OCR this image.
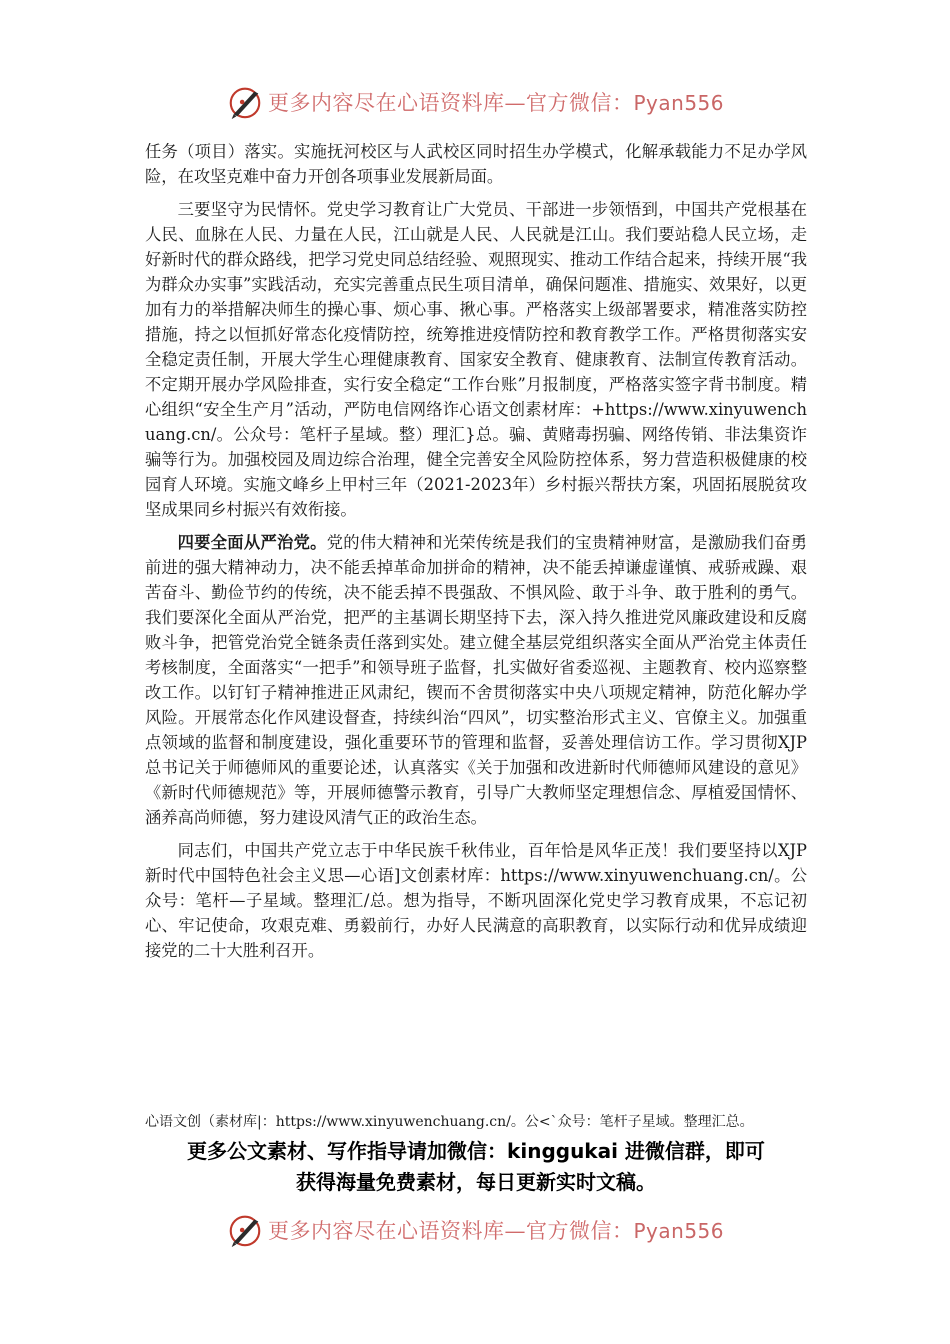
更多内容尽在心语资料库—官方微信：Pyan556

任务（项目）落实。实施抚河校区与人武校区同时招生办学模式，化解承载能力不足办学风险，在攻坚克难中奋力开创各项事业发展新局面。

三要坚守为民情怀。党史学习教育让广大党员、干部进一步领悟到，中国共产党根基在人民、血脉在人民、力量在人民，江山就是人民、人民就是江山。我们要站稳人民立场，走好新时代的群众路线，把学习党史同总结经验、观照现实、推动工作结合起来，持续开展“我为群众办实事”实践活动，充实完善重点民生项目清单，确保问题准、措施实、效果好，以更加有力的举措解决师生的操心事、烦心事、揪心事。严格落实上级部署要求，精准落实防控措施，持之以恒抓好常态化疫情防控，统筹推进疫情防控和教育教学工作。严格贯彻落实安全稳定责任制，开展大学生心理健康教育、国家安全教育、健康教育、法制宣传教育活动。不定期开展办学风险排查，实行安全稳定“工作台账”月报制度，严格落实签字背书制度。精心组织“安全生产月”活动，严防电信网络诈心语文创素材库：+https://www.xinyuwenchuang.cn/。公众号：笔杆子星域。整）理汇}总。骗、黄赌毒拐骗、网络传销、非法集资诈骗等行为。加强校园及周边综合治理，健全完善安全风险防控体系，努力营造积极健康的校园育人环境。实施文峰乡上甲村三年（2021-2023年）乡村振兴帮扶方案，巩固拓展脱贫攻坚成果同乡村振兴有效衔接。

四要全面从严治党。党的伟大精神和光荣传统是我们的宝贵精神财富，是激励我们奋勇前进的强大精神动力，决不能丢掉革命加拼命的精神，决不能丢掉谦虚谨慎、戒骄戒躁、艰苦奋斗、勤俭节约的传统，决不能丢掉不畏强敌、不惧风险、敢于斗争、敢于胜利的勇气。我们要深化全面从严治党，把严的主基调长期坚持下去，深入持久推进党风廉政建设和反腐败斗争，把管党治党全链条责任落到实处。建立健全基层党组织落实全面从严治党主体责任考核制度，全面落实“一把手”和领导班子监督，扎实做好省委巡视、主题教育、校内巡察整改工作。以钉钉子精神推进正风肃纪，锲而不舍贯彻落实中央八项规定精神，防范化解办学风险。开展常态化作风建设督查，持续纠治“四风”，切实整治形式主义、官僚主义。加强重点领域的监督和制度建设，强化重要环节的管理和监督，妥善处理信访工作。学习贯彻XJP总书记关于师德师风的重要论述，认真落实《关于加强和改进新时代师德师风建设的意见》《新时代师德规范》等，开展师德警示教育，引导广大教师坚定理想信念、厚植爱国情怀、涵养高尚师德，努力建设风清气正的政治生态。

同志们，中国共产党立志于中华民族千秋伟业，百年恰是风华正茂！我们要坚持以XJP新时代中国特色社会主义思—心语]文创素材库：https://www.xinyuwenchuang.cn/。公众号：笔杆—子星域。整理汇/总。想为指导，不断巩固深化党史学习教育成果，不忘记初心、牢记使命，攻艰克难、勇毅前行，办好人民满意的高职教育，以实际行动和优异成绩迎接党的二十大胜利召开。

心语文创（素材库|：https://www.xinyuwenchuang.cn/。公<`众号：笔杆子星域。整理汇总。
更多公文素材、写作指导请加微信：kinggukai 进微信群，即可
获得海量免费素材，每日更新实时文稿。
更多内容尽在心语资料库—官方微信：Pyan556
